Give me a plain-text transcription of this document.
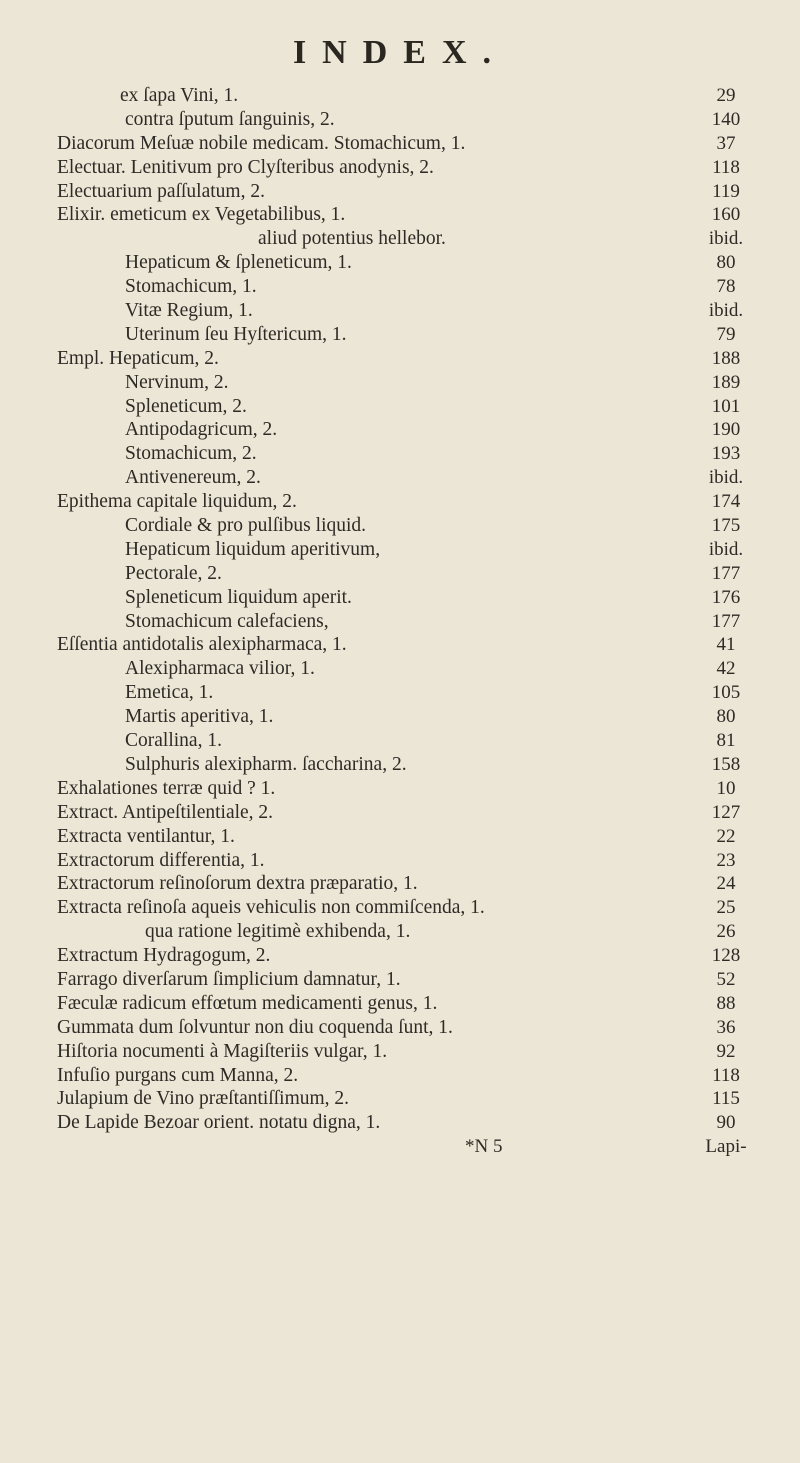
INDEX.
ex ſapa Vini, 1.	29
contra ſputum ſanguinis, 2.	140
Diacorum Meſuæ nobile medicam. Stomachicum, 1.	37
Electuar. Lenitivum pro Clyſteribus anodynis, 2.	118
Electuarium paſſulatum, 2.	119
Elixir. emeticum ex Vegetabilibus, 1.	160
aliud potentius hellebor.	ibid.
Hepaticum & ſpleneticum, 1.	80
Stomachicum, 1.	78
Vitæ Regium, 1.	ibid.
Uterinum ſeu Hyſtericum, 1.	79
Empl. Hepaticum, 2.	188
Nervinum, 2.	189
Spleneticum, 2.	101
Antipodagricum, 2.	190
Stomachicum, 2.	193
Antivenereum, 2.	ibid.
Epithema capitale liquidum, 2.	174
Cordiale & pro pulſibus liquid.	175
Hepaticum liquidum aperitivum,	ibid.
Pectorale, 2.	177
Spleneticum liquidum aperit.	176
Stomachicum calefaciens,	177
Eſſentia antidotalis alexipharmaca, 1.	41
Alexipharmaca vilior, 1.	42
Emetica, 1.	105
Martis aperitiva, 1.	80
Corallina, 1.	81
Sulphuris alexipharm. ſaccharina, 2.	158
Exhalationes terræ quid ? 1.	10
Extract. Antipeſtilentiale, 2.	127
Extracta ventilantur, 1.	22
Extractorum differentia, 1.	23
Extractorum reſinoſorum dextra præparatio, 1.	24
Extracta reſinoſa aqueis vehiculis non commiſcenda, 1.	25
qua ratione legitimè exhibenda, 1.	26
Extractum Hydragogum, 2.	128
Farrago diverſarum ſimplicium damnatur, 1.	52
Fæculæ radicum effœtum medicamenti genus, 1.	88
Gummata dum ſolvuntur non diu coquenda ſunt, 1.	36
Hiſtoria nocumenti à Magiſteriis vulgar, 1.	92
Infuſio purgans cum Manna, 2.	118
Julapium de Vino præſtantiſſimum, 2.	115
De Lapide Bezoar orient. notatu digna, 1.	90
*N 5	Lapi-
